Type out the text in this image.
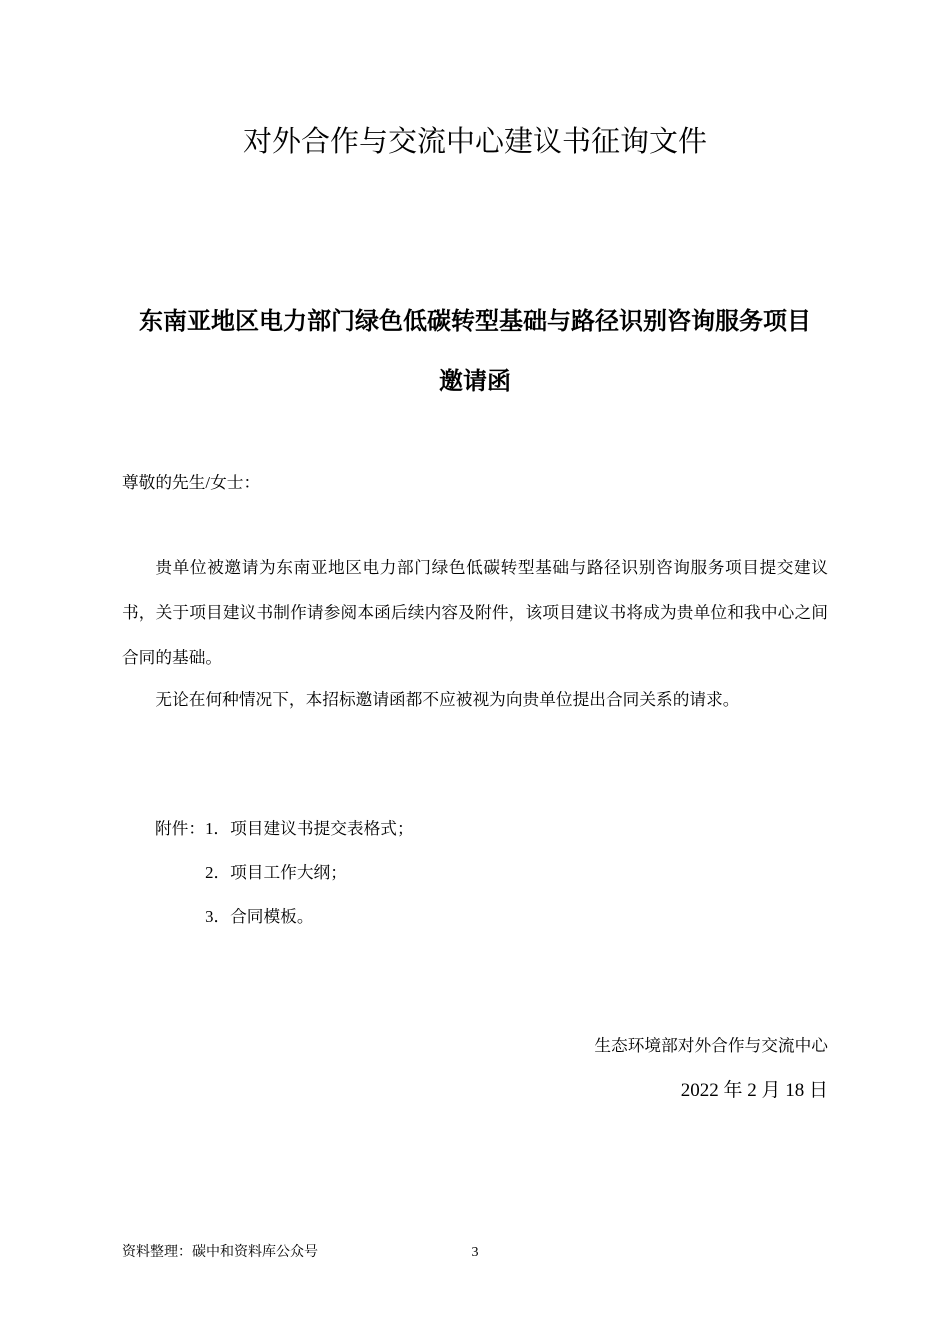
对外合作与交流中心建议书征询文件
东南亚地区电力部门绿色低碳转型基础与路径识别咨询服务项目
邀请函

尊敬的先生/女士：

贵单位被邀请为东南亚地区电力部门绿色低碳转型基础与路径识别咨询服务项目提交建议书，关于项目建议书制作请参阅本函后续内容及附件，该项目建议书将成为贵单位和我中心之间合同的基础。

无论在何种情况下，本招标邀请函都不应被视为向贵单位提出合同关系的请求。

附件：1．项目建议书提交表格式；
2．项目工作大纲；
3．合同模板。

生态环境部对外合作与交流中心

2022 年 2 月 18 日

资料整理：碳中和资料库公众号	3
